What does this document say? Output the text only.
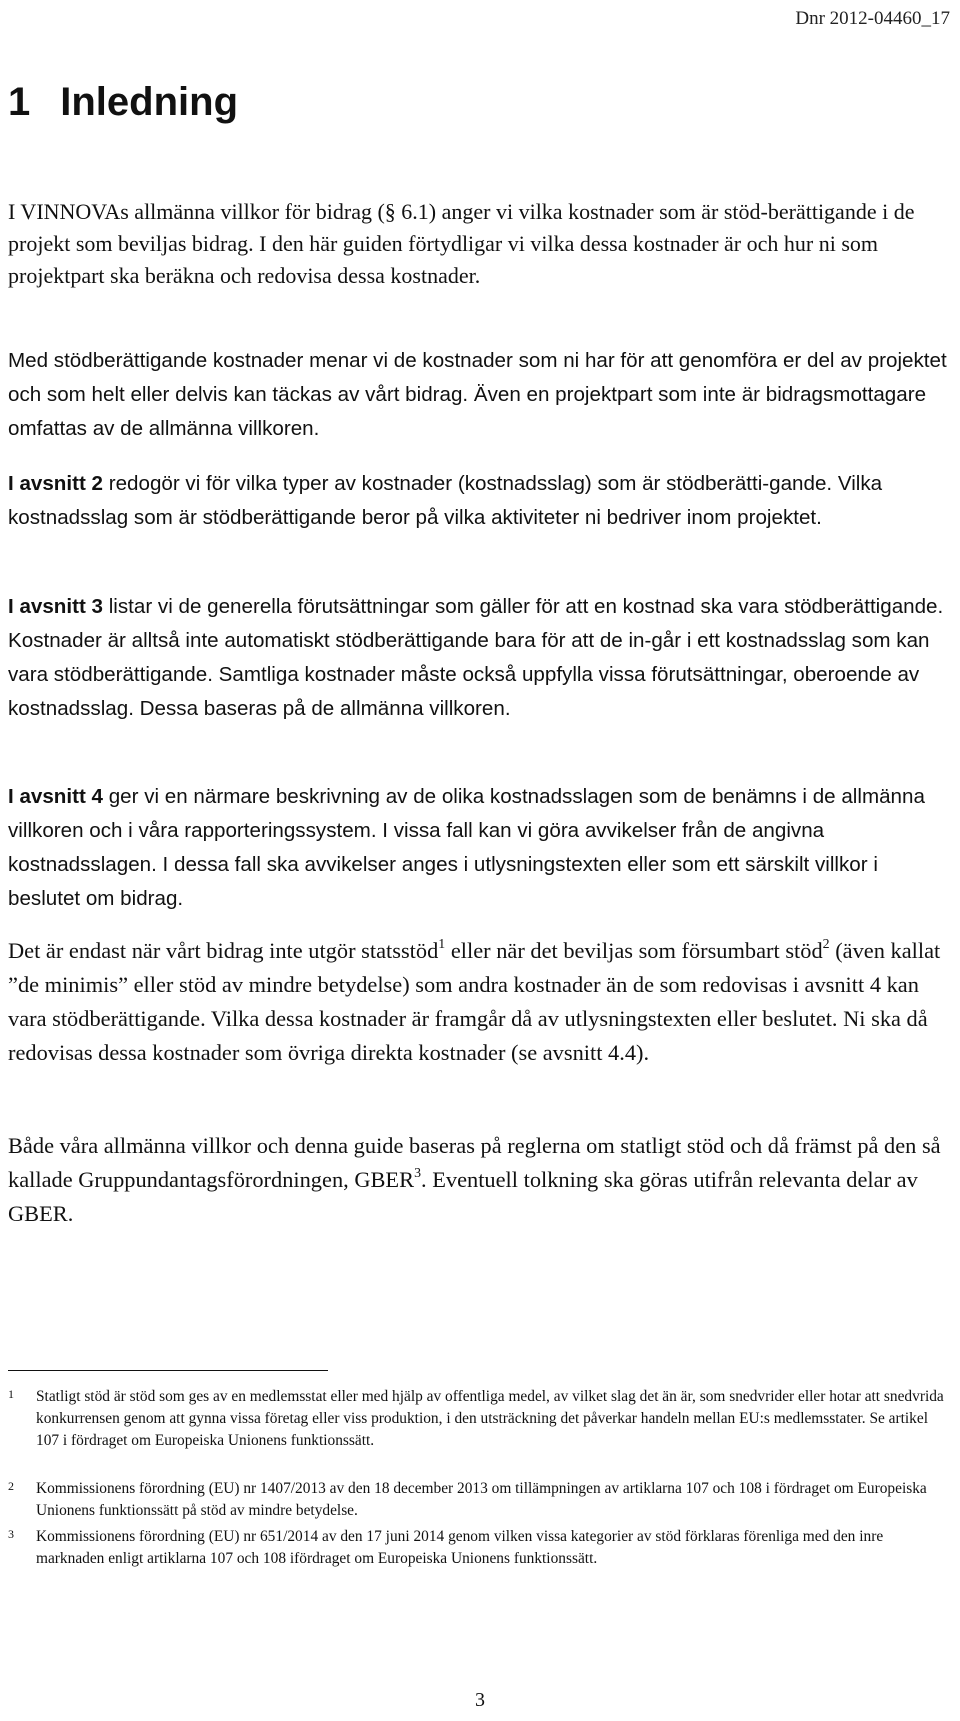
Dnr 2012-04460_17
1 Inledning

I VINNOVAs allmänna villkor för bidrag (§ 6.1) anger vi vilka kostnader som är stöd-berättigande i de projekt som beviljas bidrag. I den här guiden förtydligar vi vilka dessa kostnader är och hur ni som projektpart ska beräkna och redovisa dessa kostnader.

Med stödberättigande kostnader menar vi de kostnader som ni har för att genomföra er del av projektet och som helt eller delvis kan täckas av vårt bidrag. Även en projektpart som inte är bidragsmottagare omfattas av de allmänna villkoren.

I avsnitt 2 redogör vi för vilka typer av kostnader (kostnadsslag) som är stödberätti-gande. Vilka kostnadsslag som är stödberättigande beror på vilka aktiviteter ni bedriver inom projektet.

I avsnitt 3 listar vi de generella förutsättningar som gäller för att en kostnad ska vara stödberättigande. Kostnader är alltså inte automatiskt stödberättigande bara för att de in-går i ett kostnadsslag som kan vara stödberättigande. Samtliga kostnader måste också uppfylla vissa förutsättningar, oberoende av kostnadsslag. Dessa baseras på de allmänna villkoren.

I avsnitt 4 ger vi en närmare beskrivning av de olika kostnadsslagen som de benämns i de allmänna villkoren och i våra rapporteringssystem. I vissa fall kan vi göra avvikelser från de angivna kostnadsslagen. I dessa fall ska avvikelser anges i utlysningstexten eller som ett särskilt villkor i beslutet om bidrag.

Det är endast när vårt bidrag inte utgör statsstöd$^1$ eller när det beviljas som försumbart stöd$^2$ (även kallat ”de minimis” eller stöd av mindre betydelse) som andra kostnader än de som redovisas i avsnitt 4 kan vara stödberättigande. Vilka dessa kostnader är framgår då av utlysningstexten eller beslutet. Ni ska då redovisas dessa kostnader som övriga direkta kostnader (se avsnitt 4.4).

Både våra allmänna villkor och denna guide baseras på reglerna om statligt stöd och då främst på den så kallade Gruppundantagsförordningen, GBER$^3$. Eventuell tolkning ska göras utifrån relevanta delar av GBER.

1 Statligt stöd är stöd som ges av en medlemsstat eller med hjälp av offentliga medel, av vilket slag det än är, som snedvrider eller hotar att snedvrida konkurrensen genom att gynna vissa företag eller viss produktion, i den utsträckning det påverkar handeln mellan EU:s medlemsstater. Se artikel 107 i fördraget om Europeiska Unionens funktionssätt.
2 Kommissionens förordning (EU) nr 1407/2013 av den 18 december 2013 om tillämpningen av artiklarna 107 och 108 i fördraget om Europeiska Unionens funktionssätt på stöd av mindre betydelse.
3 Kommissionens förordning (EU) nr 651/2014 av den 17 juni 2014 genom vilken vissa kategorier av stöd förklaras förenliga med den inre marknaden enligt artiklarna 107 och 108 ifördraget om Europeiska Unionens funktionssätt.
3
